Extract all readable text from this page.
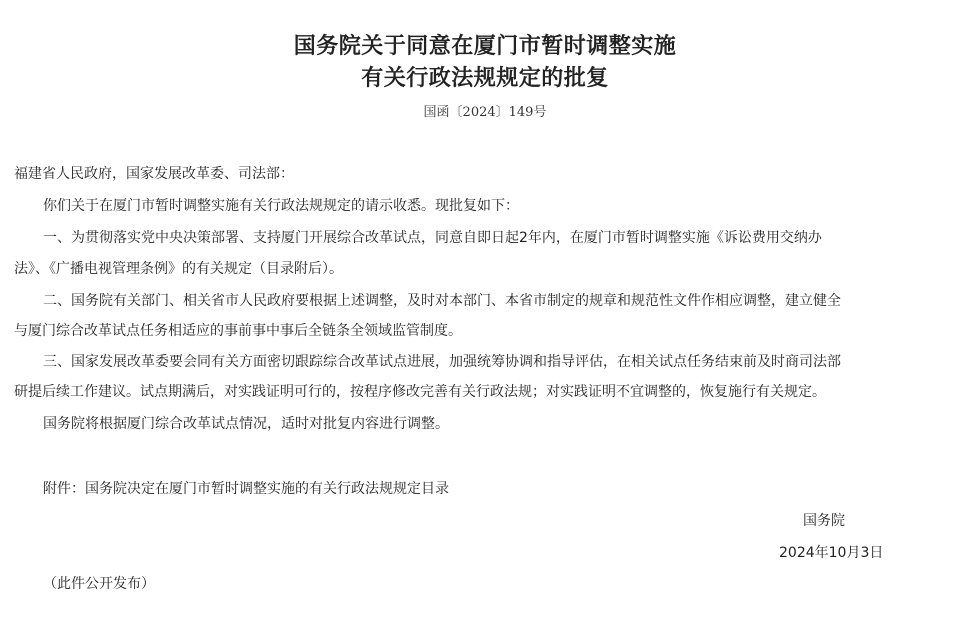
国务院关于同意在厦门市暂时调整实施
有关行政法规规定的批复
国函〔2024〕149号
福建省人民政府，国家发展改革委、司法部：
你们关于在厦门市暂时调整实施有关行政法规规定的请示收悉。现批复如下：
一、为贯彻落实党中央决策部署、支持厦门开展综合改革试点，同意自即日起2年内，在厦门市暂时调整实施《诉讼费用交纳办
法》、《广播电视管理条例》的有关规定（目录附后）。
二、国务院有关部门、相关省市人民政府要根据上述调整，及时对本部门、本省市制定的规章和规范性文件作相应调整，建立健全
与厦门综合改革试点任务相适应的事前事中事后全链条全领域监管制度。
三、国家发展改革委要会同有关方面密切跟踪综合改革试点进展，加强统筹协调和指导评估，在相关试点任务结束前及时商司法部
研提后续工作建议。试点期满后，对实践证明可行的，按程序修改完善有关行政法规；对实践证明不宜调整的，恢复施行有关规定。
国务院将根据厦门综合改革试点情况，适时对批复内容进行调整。
附件：国务院决定在厦门市暂时调整实施的有关行政法规规定目录
国务院
2024年10月3日
（此件公开发布）
